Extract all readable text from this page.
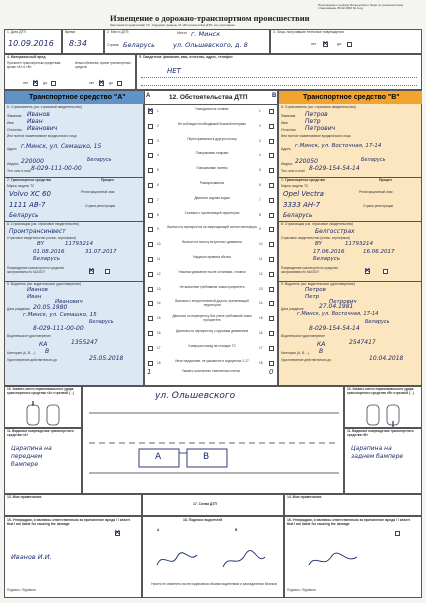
Приложение к приказу Белорусского бюро по транспортному страхованию 25.02.2016 № 4-од
Извещение о дорожно-транспортном происшествии
Заполняется водителями ТС. Содержит данные об обстоятельствах ДТП, его участниках.
1. Дата ДТП
10.09.2016
Время
8:34
2. Место ДТП:	Место г. Минск
Страна Беларусь	ул. Ольшевского, д. 8
3. Лица, получившие телесные повреждения
нет ✕ да
4. Материальный вред
Причинен транспортным средствам, кроме «A» и «B»
Иным объектам, кроме транспортных средств
нет ✕ да	нет ✕ да
5. Свидетели: фамилия, имя, отчество, адрес, телефон
НЕТ
Транспортное средство "А"
6. Страхователь (см. страховой свидетельство)
Фамилия Иванов
Имя Иван
Отчество Иванович
Или полное наименование юридического лица
Адрес г.Минск, ул. Семашко, 15
Индекс 220000	Беларусь
Тел. или e-mail 8-029-111-00-00
7. Транспортное средство	Прицеп
Марка, модель ТС
Volvo XC 60	Регистрационный знак
1111 AB-7	Страна регистрации
Беларусь
8. Страховщик (см. страховое свидетельство)
Промтрансинвест
Страховое свидетельство (полис, сертификат)
BY	11793214
01.08.2016	31.07.2017
Беларусь
Повреждения транспортного средства застрахованы по КАСКО?	✕
9. Водитель (см. водительское удостоверение)
Иванов
Иван
Иванович
Дата рождения 20.05.1980
г.Минск, ул. Семашко, 15
Беларусь
8-029-111-00-00
Водительское удостоверение
КА	1355247
Категория (A, B, ...) B
Удостоверение действительно до	25.05.2018
Транспортное средство "В"
6. Страхователь (см. страховое свидетельство)
Фамилия Петров
Имя	Петр
Отчество Петрович
Или полное наименование юридического лица
Адрес г.Минск, ул. Восточная, 17-14
Индекс 220050	Беларусь
Тел. или e-mail 8-029-154-54-14
7. Транспортное средство	Прицеп
Марка, модель ТС
Opel Vectra	Регистрационный знак
3333 AH-7	Страна регистрации
Беларусь
8. Страховщик (см. страховое свидетельство)
Белгосстрах
Страховое свидетельство (полис, сертификат)
BY	11793214
17.06.2016	16.06.2017
Беларусь
Повреждения транспортного средства застрахованы по КАСКО?	✕
9. Водитель (см. водительское удостоверение)
Петров
Петр
Петрович
Дата рождения	27.04.1981
г.Минск, ул. Восточная, 17-14
Беларусь
8-029-154-54-14
Водительское удостоверение
КА	2547417
Категория (A, B, ...) B
Удостоверение действительно до	10.04.2018
12. Обстоятельства ДТП
A	B
1	Находился на стоянке	1
✕
2	Не соблюдал необходимый боковой интервал	2
3	Перестраивался в другую полосу	3
4	Поворачивал направо	4
5	Поворачивал налево	5
6	Разворачивался	6
7	Двигался задним ходом	7
8	Съезжал с прилегающей территории	8
9	Выехал на перекресток на запрещающий сигнал светофора 9
10	Выехал на полосу встречного движения	10
11	Нарушил правила обгона	11
12	Начинал движение после остановки, стоянки	12
13	Не выполнил требование знака приоритета	13
14	Выезжал с второстепенной дороги, прилегающей территории	14
15	Двигался по перекрестку без учета требований знака приоритета	15
16	Двигался по перекрестку с круговым движением	16
17	Совершил наезд на стоящее ТС	17
18	Иное нарушение, не указанное в подпунктах 1-17	18
Указать количество отмеченных клеток
1	0
10. Указать место первоначального удара транспортного средства «А» стрелкой (→)
11. Видимые повреждения транспортного средства «А»
Царапина на переднем бампере
10. Указать место первоначального удара транспортного средства «В» стрелкой (→)
11. Видимые повреждения транспортного средства «В»
Царапина на заднем бампере
ул. Ольшевского
A	B
13. Мои примечания:
17. Схема ДТП
14. Мои примечания:
15. Утверждаю, я являюсь ответственным за причинение вреда / I assert that I am liable for causing the damage
✕
Иванов И.И.
Подпись / Signature
18. Подписи водителей
A	B
Ничего не изменять после подписания обоими водителями и разъединения бланков
16. Утверждаю, я являюсь ответственным за причинение вреда / I assert that I am liable for causing the damage
Подпись / Signature
